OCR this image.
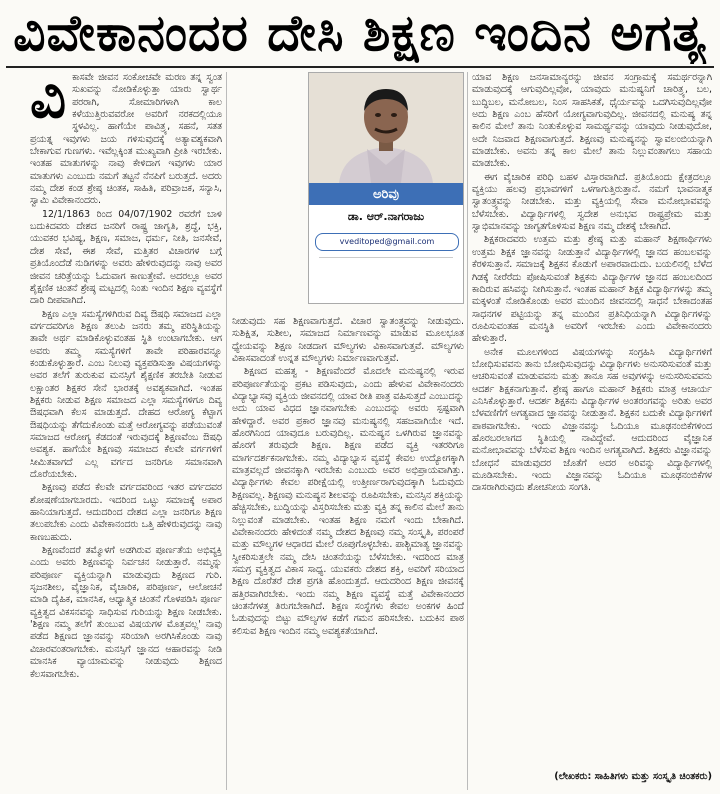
ವಿವೇಕಾನಂದರ ದೇಸಿ ಶಿಕ್ಷಣ ಇಂದಿನ ಅಗತ್ಯ

ವಿಕಾಸವೇ ಜೀವನ ಸಂಕೋಚವೇ ಮರಣ ತನ್ನ ಸ್ವಂತ ಸುಖವನ್ನು ನೋಡಿಕೊಳ್ಳುತ್ತಾ ಯಾರು ಸ್ವಾರ್ಥ ಪರರಾಗಿ, ಸೋಮಾರಿಗಳಾಗಿ ಕಾಲ ಕಳೆಯುತ್ತಿರುವವರೋ ಅವರಿಗೆ ನರಕದಲ್ಲಿಯೂ ಸ್ಥಳವಿಲ್ಲ. ಹಾಗೆಯೇ ಪಾವಿತ್ರ್ಯ, ಸಹನೆ, ಸತತ ಪ್ರಯತ್ನ ಇವುಗಳು ಜಯ ಗಳಿಸುವುದಕ್ಕೆ ಅತ್ಯಾವಶ್ಯಕವಾಗಿ ಬೇಕಾಗುವ ಗುಣಗಳು. ಇವೆಲ್ಲಕ್ಕಿಂತ ಮುಖ್ಯವಾಗಿ ಪ್ರೀತಿ ಇರಬೇಕು. ಇಂತಹ ಮಾತುಗಳನ್ನು ನಾವು ಕೇಳಿದಾಗ ಇವುಗಳು ಯಾರ ಮಾತುಗಳು ಎಂಬುದು ನಮಗೆ ತಟ್ಟನೆ ನೆನಪಿಗೆ ಬರುತ್ತದೆ. ಅದರು ನಮ್ಮ ದೇಶ ಕಂಡ ಶ್ರೇಷ್ಠ ಚಿಂತಕ, ಸಾಹಿತಿ, ಪರಿವ್ರಾಜಕ, ಸನ್ಯಾಸಿ, ಸ್ವಾಮಿ ವಿವೇಕಾನಂದರು.

12/1/1863 ರಿಂದ 04/07/1902 ರವರೆಗೆ ಬಾಳಿ ಬದುಕಿದವರು ದೇಶದ ಜನರಿಗೆ ರಾಷ್ಟ್ರ ಜಾಗೃತಿ, ಶ್ರದ್ಧೆ, ಭಕ್ತಿ, ಯುವಕರ ಭವಿಷ್ಯ, ಶಿಕ್ಷಣ, ಸಮಾಜ, ಧರ್ಮ, ನೀತಿ, ಜನಸೇವೆ, ದೇಶ ಸೇವೆ, ಈಶ ಸೇವೆ, ಮತ್ತಿತರ ವಿಚಾರಗಳ ಬಗ್ಗೆ ಪ್ರತಿಯೊಂದೆಡೆ ನುಡಿಗಳನ್ನು ಅವರು ಹೇಳಿರುವುದನ್ನು ನಾವು ಅವರ ಜೀವನ ಚರಿತ್ರೆಯನ್ನು ಓದುವಾಗ ಕಾಣುತ್ತೇವೆ. ಅದರಲ್ಲೂ ಅವರ ಶೈಕ್ಷಣಿಕ ಚಿಂತನೆ ಶ್ರೇಷ್ಠ ಮಟ್ಟದಲ್ಲಿ ನಿಂತು ಇಂದಿನ ಶಿಕ್ಷಣ ವ್ಯವಸ್ಥೆಗೆ ದಾರಿ ದೀಪವಾಗಿದೆ.

ಶಿಕ್ಷಣ ಎಲ್ಲಾ ಸಮಸ್ಯೆಗಳಿಗಿರುವ ದಿವ್ಯ ಔಷಧಿ ಸಮಾಜದ ಎಲ್ಲಾ ವರ್ಗದವರಿಗೂ ಶಿಕ್ಷಣ ತಲುಪಿ ಜನರು ತಮ್ಮ ಪರಿಸ್ಥಿತಿಯನ್ನು ತಾವೇ ಅರ್ಥ ಮಾಡಿಕೊಳ್ಳುವಂತಹ ಸ್ಥಿತಿ ಉಂಟಾಗಬೇಕು. ಆಗ ಅವರು ತಮ್ಮ ಸಮಸ್ಯೆಗಳಿಗೆ ತಾವೇ ಪರಿಹಾರವನ್ನೂ ಕಂಡುಕೊಳ್ಳುತ್ತಾರೆ. ಎಂಬ ನಿಲುವು ವ್ಯಕ್ತಪಡಿಸುತ್ತಾ ವಿಷಯಗಳನ್ನು ಅವರ ತಲೆಗೆ ತುರುಕುವ ಮನಸ್ಸಿಗೆ ಶೈಕ್ಷಣಿಕ ತರಬೇತಿ ನೀಡುವ ಲಕ್ಷಾಂತರ ಶಿಕ್ಷಕರ ಸೇನೆ ಭಾರತಕ್ಕೆ ಅವಶ್ಯಕವಾಗಿದೆ. ಇಂತಹ ಶಿಕ್ಷಕರು ನೀಡುವ ಶಿಕ್ಷಣ ಸಮಾಜದ ಎಲ್ಲಾ ಸಮಸ್ಯೆಗಳಿಗೂ ದಿವ್ಯ ಔಷಧವಾಗಿ ಕೆಲಸ ಮಾಡುತ್ತದೆ. ದೇಹದ ಆರೋಗ್ಯ ಕೆಟ್ಟಾಗ ಔಷಧಿಯನ್ನು ತೆಗೆದುಕೊಂಡು ಮತ್ತೆ ಆರೋಗ್ಯವನ್ನು ಪಡೆಯುವಂತೆ ಸಮಾಜದ ಆರೋಗ್ಯ ಕೆಡದಂತೆ ಇರುವುದಕ್ಕೆ ಶಿಕ್ಷಣವೆಂಬ ಔಷಧಿ ಅವಶ್ಯಕ. ಹಾಗೆಯೇ ಶಿಕ್ಷಣವು ಸಮಾಜದ ಕೆಲವೇ ವರ್ಗಗಳಿಗೆ ಸೀಮಿತವಾಗದೆ ಎಲ್ಲ ವರ್ಗದ ಜನರಿಗೂ ಸಮಾನವಾಗಿ ದೊರೆಯಬೇಕು.

ಶಿಕ್ಷಣವು ಪಡೆದ ಕೆಲವೇ ವರ್ಗದವರಿಂದ ಇತರ ವರ್ಗದವರ ಶೋಷಣೆಯಾಗಬಾರದು. ಇದರಿಂದ ಒಟ್ಟು ಸಮಾಜಕ್ಕೆ ಅಪಾರ ಹಾನಿಯಾಗುತ್ತದೆ. ಆದುದರಿಂದ ದೇಶದ ಎಲ್ಲಾ ಜನರಿಗೂ ಶಿಕ್ಷಣ ತಲುಪಬೇಕು ಎಂದು ವಿವೇಕಾನಂದರು ಒತ್ತಿ ಹೇಳಿರುವುದನ್ನು ನಾವು ಕಾಣಬಹುದು.

ಶಿಕ್ಷಣವೆಂದರೆ ತಮ್ಮೊಳಗೆ ಅಡಗಿರುವ ಪೂರ್ಣತೆಯ ಅಭಿವ್ಯಕ್ತಿ ಎಂದು ಅವರು ಶಿಕ್ಷಣವನ್ನು ನಿರ್ವಚನ ನೀಡುತ್ತಾರೆ. ನಮ್ಮನ್ನು ಪರಿಪೂರ್ಣ ವ್ಯಕ್ತಿಯನ್ನಾಗಿ ಮಾಡುವುದು ಶಿಕ್ಷಣದ ಗುರಿ. ಸೃಜನಶೀಲ, ವೈಜ್ಞಾನಿಕ, ವೈಚಾರಿಕ, ಪರಿಪೂರ್ಣ, ಆಲೋಚನೆ ಮಾಡಿ ದೈಹಿಕ, ಮಾನಸಿಕ, ಆಧ್ಯಾತ್ಮಿಕ ಚಿಂತನೆ ಗೊಳಪಡಿಸಿ ಪೂರ್ಣ ವ್ಯಕ್ತಿತ್ವದ ವಿಕಸನವನ್ನು ಸಾಧಿಸುವ ಗುರಿಯನ್ನು ಶಿಕ್ಷಣ ನೀಡಬೇಕು. 'ಶಿಕ್ಷಣ ನಮ್ಮ ತಲೆಗೆ ತುಂಬುವ ವಿಷಯಗಳ ಮೊತ್ತವಲ್ಲ' ನಾವು ಪಡೆದ ಶಿಕ್ಷಣದ ಜ್ಞಾನವನ್ನು ಸರಿಯಾಗಿ ಅರಗಿಸಿಕೊಂಡು ನಾವು ವಿಚಾರವಂತರಾಗಬೇಕು. ಮನಸ್ಸಿಗೆ ಜ್ಞಾನದ ಆಹಾರವನ್ನು ನೀಡಿ ಮಾನಸಿಕ ವ್ಯಾಯಾಮವನ್ನು ನೀಡುವುದು ಶಿಕ್ಷಣದ ಕೆಲಸವಾಗಬೇಕು.

ಅರಿವು
ಡಾ. ಆರ್.ನಾಗರಾಜು
vveditoped@gmail.com

ನೀಡುವುದು ಸಹ ಶಿಕ್ಷಣವಾಗುತ್ತದೆ. ವಿಚಾರ ಸ್ವಾತಂತ್ರ್ಯವನ್ನು ನೀಡುವುದು. ಸುಶಿಕ್ಷಿತ, ಸುಶೀಲ, ಸಮಾಜದ ನಿರ್ಮಾಣವನ್ನು ಮಾಡುವ ಮೂಲಭೂತ ಧ್ಯೇಯವನ್ನು ಶಿಕ್ಷಣ ನೀಡದಾಗ ಮೌಲ್ಯಗಳು ವಿಕಾಸವಾಗುತ್ತವೆ. ಮೌಲ್ಯಗಳು ವಿಕಾಸವಾದಂತೆ ಉನ್ನತ ಮೌಲ್ಯಗಳು ನಿರ್ಮಾಣವಾಗುತ್ತವೆ.

ಶಿಕ್ಷಣದ ಮಹತ್ವ - ಶಿಕ್ಷಣವೆಂದರೆ ಮೊದಲೇ ಮನುಷ್ಯನಲ್ಲಿ ಇರುವ ಪರಿಪೂರ್ಣತೆಯನ್ನು ಪ್ರಕಟ ಪಡಿಸುವುದು, ಎಂದು ಹೇಳುವ ವಿವೇಕಾನಂದರು ವಿದ್ಯಾಭ್ಯಾಸವು ವ್ಯಕ್ತಿಯ ಜೀವನದಲ್ಲಿ ಯಾವ ರೀತಿ ಪಾತ್ರ ವಹಿಸುತ್ತದೆ ಎಂಬುದನ್ನು ಅದು ಯಾವ ವಿಧದ ಜ್ಞಾನವಾಗಬೇಕು ಎಂಬುದನ್ನು ಅವರು ಸ್ಪಷ್ಟವಾಗಿ ಹೇಳಿದ್ದಾರೆ. ಅವರ ಪ್ರಕಾರ ಜ್ಞಾನವು ಮನುಷ್ಯನಲ್ಲಿ ಸಹಜವಾಗಿಯೇ ಇದೆ. ಹೊರಗಿನಿಂದ ಯಾವುದೂ ಬರುವುದಿಲ್ಲ. ಮನುಷ್ಯನ ಒಳಗಿರುವ ಜ್ಞಾನವನ್ನು ಹೊರಗೆ ತರುವುದೇ ಶಿಕ್ಷಣ. ಶಿಕ್ಷಣ ಪಡೆದ ವ್ಯಕ್ತಿ ಇತರರಿಗೂ ಮಾರ್ಗದರ್ಶಕನಾಗಬೇಕು. ನಮ್ಮ ವಿದ್ಯಾಭ್ಯಾಸ ವ್ಯವಸ್ಥೆ ಕೇವಲ ಉದ್ಯೋಗಕ್ಕಾಗಿ ಮಾತ್ರವಲ್ಲದೆ ಜೀವನಕ್ಕಾಗಿ ಇರಬೇಕು ಎಂಬುದು ಅವರ ಅಭಿಪ್ರಾಯವಾಗಿತ್ತು. ವಿದ್ಯಾರ್ಥಿಗಳು ಕೇವಲ ಪರೀಕ್ಷೆಯಲ್ಲಿ ಉತ್ತೀರ್ಣರಾಗುವುದಕ್ಕಾಗಿ ಓದುವುದು ಶಿಕ್ಷಣವಲ್ಲ. ಶಿಕ್ಷಣವು ಮನುಷ್ಯನ ಶೀಲವನ್ನು ರೂಪಿಸಬೇಕು, ಮನಸ್ಸಿನ ಶಕ್ತಿಯನ್ನು ಹೆಚ್ಚಿಸಬೇಕು, ಬುದ್ಧಿಯನ್ನು ವಿಸ್ತರಿಸಬೇಕು ಮತ್ತು ವ್ಯಕ್ತಿ ತನ್ನ ಕಾಲಿನ ಮೇಲೆ ತಾನು ನಿಲ್ಲುವಂತೆ ಮಾಡಬೇಕು. ಇಂತಹ ಶಿಕ್ಷಣ ನಮಗೆ ಇಂದು ಬೇಕಾಗಿದೆ. ವಿವೇಕಾನಂದರು ಹೇಳಿದಂತೆ ನಮ್ಮ ದೇಶದ ಶಿಕ್ಷಣವು ನಮ್ಮ ಸಂಸ್ಕೃತಿ, ಪರಂಪರೆ ಮತ್ತು ಮೌಲ್ಯಗಳ ಆಧಾರದ ಮೇಲೆ ರೂಪುಗೊಳ್ಳಬೇಕು. ಪಾಶ್ಚಿಮಾತ್ಯ ಜ್ಞಾನವನ್ನು ಸ್ವೀಕರಿಸುತ್ತಲೇ ನಮ್ಮ ದೇಸಿ ಚಿಂತನೆಯನ್ನು ಬೆಳೆಸಬೇಕು. ಇದರಿಂದ ಮಾತ್ರ ಸಮಗ್ರ ವ್ಯಕ್ತಿತ್ವದ ವಿಕಾಸ ಸಾಧ್ಯ. ಯುವಕರು ದೇಶದ ಶಕ್ತಿ, ಅವರಿಗೆ ಸರಿಯಾದ ಶಿಕ್ಷಣ ದೊರೆತರೆ ದೇಶ ಪ್ರಗತಿ ಹೊಂದುತ್ತದೆ. ಆದುದರಿಂದ ಶಿಕ್ಷಣ ಜೀವನಕ್ಕೆ ಹತ್ತಿರವಾಗಿರಬೇಕು. ಇಂದು ನಮ್ಮ ಶಿಕ್ಷಣ ವ್ಯವಸ್ಥೆ ಮತ್ತೆ ವಿವೇಕಾನಂದರ ಚಿಂತನೆಗಳತ್ತ ತಿರುಗಬೇಕಾಗಿದೆ. ಶಿಕ್ಷಣ ಸಂಸ್ಥೆಗಳು ಕೇವಲ ಅಂಕಗಳ ಹಿಂದೆ ಓಡುವುದನ್ನು ಬಿಟ್ಟು ಮೌಲ್ಯಗಳ ಕಡೆಗೆ ಗಮನ ಹರಿಸಬೇಕು. ಬದುಕಿನ ಪಾಠ ಕಲಿಸುವ ಶಿಕ್ಷಣ ಇಂದಿನ ನಮ್ಮ ಅವಶ್ಯಕತೆಯಾಗಿದೆ.

ಯಾವ ಶಿಕ್ಷಣ ಜನಸಾಮಾನ್ಯರನ್ನು ಜೀವನ ಸಂಗ್ರಾಮಕ್ಕೆ ಸಮರ್ಥರನ್ನಾಗಿ ಮಾಡುವುದಕ್ಕೆ ಆಗುವುದಿಲ್ಲವೋ, ಯಾವುದು ಮನುಷ್ಯನಿಗೆ ಚಾರಿತ್ರ್ಯ, ಬಲ, ಬುದ್ಧಿಬಲ, ಮನೋಬಲ, ನಿಂಸ ಸಾಹಸಿಕತೆ, ಧೈರ್ಯವನ್ನು ಒದಗಿಸುವುದಿಲ್ಲವೋ ಅದು ಶಿಕ್ಷಣ ಎಂಬ ಹೆಸರಿಗೆ ಯೋಗ್ಯವಾಗುವುದಿಲ್ಲ. ಜೀವನದಲ್ಲಿ ಮನುಷ್ಯ ತನ್ನ ಕಾಲಿನ ಮೇಲೆ ತಾನು ನಿಂತುಕೊಳ್ಳುವ ಸಾಮರ್ಥ್ಯವನ್ನು ಯಾವುದು ನೀಡುವುದೋ, ಅದೇ ನಿಜವಾದ ಶಿಕ್ಷಣವಾಗುತ್ತದೆ. ಶಿಕ್ಷಣವು ಮನುಷ್ಯನನ್ನು ಸ್ವಾವಲಂಬಿಯನ್ನಾಗಿ ಮಾಡಬೇಕು. ಅವನು ತನ್ನ ಕಾಲ ಮೇಲೆ ತಾನು ನಿಲ್ಲುವಂತಾಗಲು ಸಹಾಯ ಮಾಡಬೇಕು.

ಈಗ ವೈಚಾರಿಕ ಪರಿಧಿ ಬಹಳ ವಿಸ್ತಾರವಾಗಿದೆ. ಪ್ರತಿಯೊಂದು ಕ್ಷೇತ್ರದಲ್ಲೂ ವ್ಯಕ್ತಿಯು ಹಲವು ಪ್ರಭಾವಗಳಿಗೆ ಒಳಗಾಗುತ್ತಿರುತ್ತಾನೆ. ನಮಗೆ ಭಾವನಾತ್ಮಕ ಸ್ವಾತಂತ್ರ್ಯವನ್ನು ನೀಡಬೇಕು. ಮತ್ತು ವ್ಯಕ್ತಿಯಲ್ಲಿ ಸೇವಾ ಮನೋಭಾವವನ್ನು ಬೆಳೆಸಬೇಕು. ವಿದ್ಯಾರ್ಥಿಗಳಲ್ಲಿ ಸ್ವದೇಶ ಅನುಭವ ರಾಷ್ಟ್ರಪ್ರೇಮ ಮತ್ತು ಸ್ವಾಭಿಮಾನವನ್ನು ಜಾಗೃತಗೊಳಿಸುವ ಶಿಕ್ಷಣ ನಮ್ಮ ದೇಶಕ್ಕೆ ಬೇಕಾಗಿದೆ.

ಶಿಕ್ಷಕರಾದವರು ಉತ್ತಮ ಮತ್ತು ಶ್ರೇಷ್ಠ ಮತ್ತು ಮಹಾನ್ ಶಿಕ್ಷಣಾರ್ಥಿಗಳು ಉತ್ತಮ ಶಿಕ್ಷಕ ಜ್ಞಾನವನ್ನು ನೀಡುತ್ತಾನೆ ವಿದ್ಯಾರ್ಥಿಗಳಲ್ಲಿ ಜ್ಞಾನದ ಹಂಬಲವನ್ನು ಕೆರಳಿಸುತ್ತಾನೆ. ಸಮಾಜಕ್ಕೆ ಶಿಕ್ಷಕನ ಕೊಡುಗೆ ಅಪಾರವಾದುದು. ಬಯಲಿನಲ್ಲಿ ಬೆಳೆದ ಗಿಡಕ್ಕೆ ನೀರೆರೆದು ಪೋಷಿಸುವಂತೆ ಶಿಕ್ಷಕನು ವಿದ್ಯಾರ್ಥಿಗಳ ಜ್ಞಾನದ ಹಂಬಲದಿಂದ ಕಾದಿರುವ ಹಸಿವನ್ನು ನೀಗಿಸುತ್ತಾನೆ. ಇಂತಹ ಮಹಾನ್ ಶಿಕ್ಷಕ ವಿದ್ಯಾರ್ಥಿಗಳನ್ನು ತಮ್ಮ ಮಕ್ಕಳಂತೆ ನೋಡಿಕೊಂಡು ಅವರ ಮುಂದಿನ ಜೀವನದಲ್ಲಿ ಸಾಧನೆ ಬೇಕಾದಂತಹ ಸಾಧನಗಳ ಪಟ್ಟಿಯನ್ನು ತನ್ನ ಮುಂದಿನ ಪ್ರತಿನಿಧಿಯನ್ನಾಗಿ ವಿದ್ಯಾರ್ಥಿಗಳನ್ನು ರೂಪಿಸುವಂತಹ ಮನಸ್ಥಿತಿ ಅವರಿಗೆ ಇರಬೇಕು ಎಂದು ವಿವೇಕಾನಂದರು ಹೇಳುತ್ತಾರೆ.

ಅನೇಕ ಮೂಲಗಳಿಂದ ವಿಷಯಗಳನ್ನು ಸಂಗ್ರಹಿಸಿ ವಿದ್ಯಾರ್ಥಿಗಳಿಗೆ ಬೋಧಿಸುವವನು ತಾನು ಬೋಧಿಸುವುದನ್ನು ವಿದ್ಯಾರ್ಥಿಗಳು ಅನುಸರಿಸುವಂತೆ ಮತ್ತು ಆಚರಿಸುವಂತೆ ಮಾಡುವವನು ಮತ್ತು ತಾನೂ ಸಹ ಅವುಗಳನ್ನು ಅನುಸರಿಸುವವನು ಆದರ್ಶ ಶಿಕ್ಷಕನಾಗುತ್ತಾನೆ. ಶ್ರೇಷ್ಠ ಹಾಗೂ ಮಹಾನ್ ಶಿಕ್ಷಕರು ಮಾತ್ರ ಆಚಾರ್ಯ ಎನಿಸಿಕೊಳ್ಳುತ್ತಾರೆ. ಆದರ್ಶ ಶಿಕ್ಷಕನು ವಿದ್ಯಾರ್ಥಿಗಳ ಅಂತರಂಗವನ್ನು ಅರಿತು ಅವರ ಬೆಳವಣಿಗೆಗೆ ಅಗತ್ಯವಾದ ಜ್ಞಾನವನ್ನು ನೀಡುತ್ತಾನೆ. ಶಿಕ್ಷಕನ ಬದುಕೇ ವಿದ್ಯಾರ್ಥಿಗಳಿಗೆ ಪಾಠವಾಗಬೇಕು. ಇಂದು ವಿಜ್ಞಾನವನ್ನು ಓದಿಯೂ ಮೂಢನಂಬಿಕೆಗಳಿಂದ ಹೊರಬರಲಾಗದ ಸ್ಥಿತಿಯಲ್ಲಿ ನಾವಿದ್ದೇವೆ. ಆದುದರಿಂದ ವೈಜ್ಞಾನಿಕ ಮನೋಭಾವವನ್ನು ಬೆಳೆಸುವ ಶಿಕ್ಷಣ ಇಂದಿನ ಅಗತ್ಯವಾಗಿದೆ. ಶಿಕ್ಷಕರು ವಿಜ್ಞಾನವನ್ನು ಬೋಧನೆ ಮಾಡುವುದರ ಜೊತೆಗೆ ಅದರ ಅರಿವನ್ನು ವಿದ್ಯಾರ್ಥಿಗಳಲ್ಲಿ ಮೂಡಿಸಬೇಕು. ಇಂದು ವಿಜ್ಞಾನವನ್ನು ಓದಿಯೂ ಮೂಢನಂಬಿಕೆಗಳ ದಾಸರಾಗಿರುವುದು ಶೋಚನೀಯ ಸಂಗತಿ.

(ಲೇಖಕರು: ಸಾಹಿತಿಗಳು ಮತ್ತು ಸಂಸ್ಕೃತಿ ಚಿಂತಕರು)
